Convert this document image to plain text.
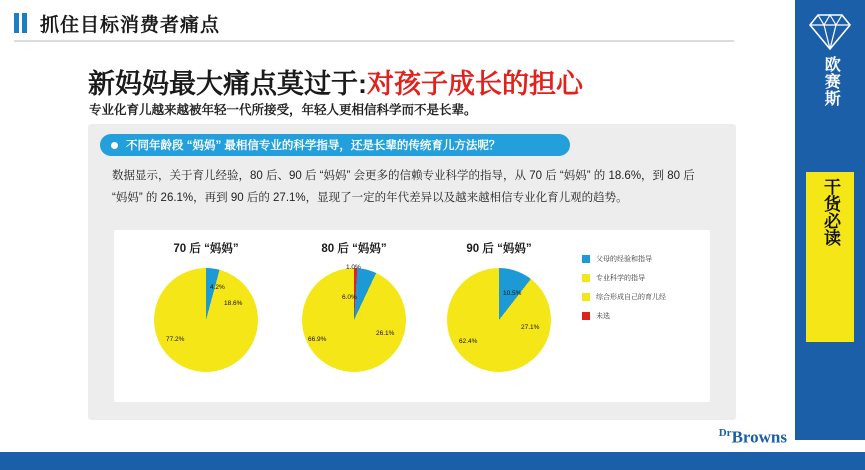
抓住目标消费者痛点
新妈妈最大痛点莫过于:对孩子成长的担心
专业化育儿越来越被年轻一代所接受，年轻人更相信科学而不是长辈。
不同年龄段 “妈妈” 最相信专业的科学指导，还是长辈的传统育儿方法呢？
数据显示，关于育儿经验，80 后、90 后 “妈妈” 会更多的信赖专业科学的指导，从 70 后 “妈妈” 的 18.6%，到 80 后 “妈妈” 的 26.1%，再到 90 后的 27.1%，显现了一定的年代差异以及越来越相信专业化育儿观的趋势。
70 后 “妈妈”
4.2%
18.6%
77.2%
80 后 “妈妈”
1.0%
6.0%
26.1%
66.9%
90 后 “妈妈”
10.5%
27.1%
62.4%
父母的经验和指导
专业科学的指导
综合形成自己的育儿经
未选
欧赛斯
干货必读
$^{Dr}$Browns
